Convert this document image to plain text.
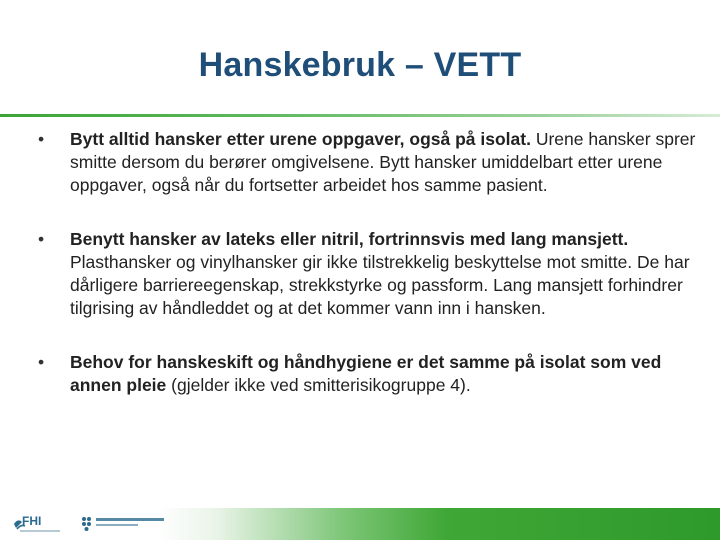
Hanskebruk – VETT
•	Bytt alltid hansker etter urene oppgaver, også på isolat. Urene hansker sprer smitte dersom du berører omgivelsene. Bytt hansker umiddelbart etter urene oppgaver, også når du fortsetter arbeidet hos samme pasient.
•	Benytt hansker av lateks eller nitril, fortrinnsvis med lang mansjett. Plasthansker og vinylhansker gir ikke tilstrekkelig beskyttelse mot smitte. De har dårligere barriereegenskap, strekkstyrke og passform. Lang mansjett forhindrer tilgrising av håndleddet og at det kommer vann inn i hansken.
•	Behov for hanskeskift og håndhygiene er det samme på isolat som ved annen pleie (gjelder ikke ved smitterisikogruppe 4).
FHI
